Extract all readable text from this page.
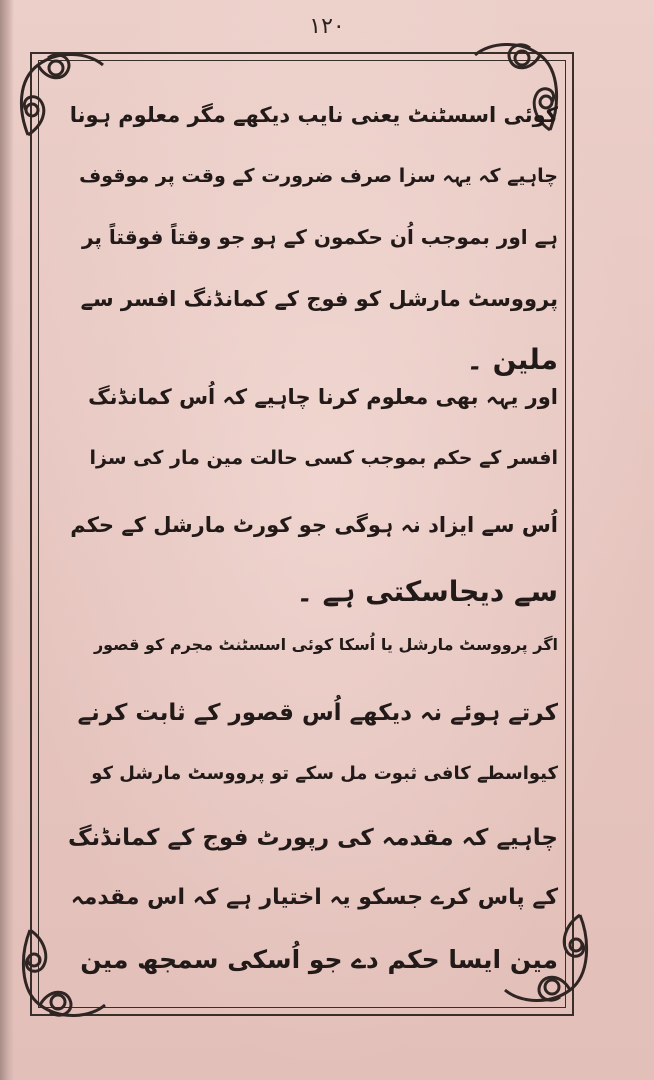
١٢٠
کوئی اسسٹنٹ یعنی نایب دیکھے مگر معلوم ہونا
چاہیے کہ یہہ سزا صرف ضرورت کے وقت پر موقوف
ہے اور بموجب اُن حکمون کے ہو جو وقتاً فوقتاً پر
پرووسٹ مارشل کو فوج کے کمانڈنگ افسر سے
ملین ۔
اور یہہ بھی معلوم کرنا چاہیے کہ اُس کمانڈنگ
افسر کے حکم بموجب کسی حالت مین مار کی سزا
اُس سے ایزاد نہ ہوگی جو کورٹ مارشل کے حکم
سے دیجاسکتی ہے ۔
اگر پرووسٹ مارشل یا اُسکا کوئی اسسٹنٹ مجرم کو قصور
کرتے ہوئے نہ دیکھے اُس قصور کے ثابت کرنے
کیواسطے کافی ثبوت مل سکے تو پرووسٹ مارشل کو
چاہیے کہ مقدمہ کی رپورٹ فوج کے کمانڈنگ
کے پاس کرے جسکو یہ اختیار ہے کہ اس مقدمہ
مین ایسا حکم دے جو اُسکی سمجھ مین
